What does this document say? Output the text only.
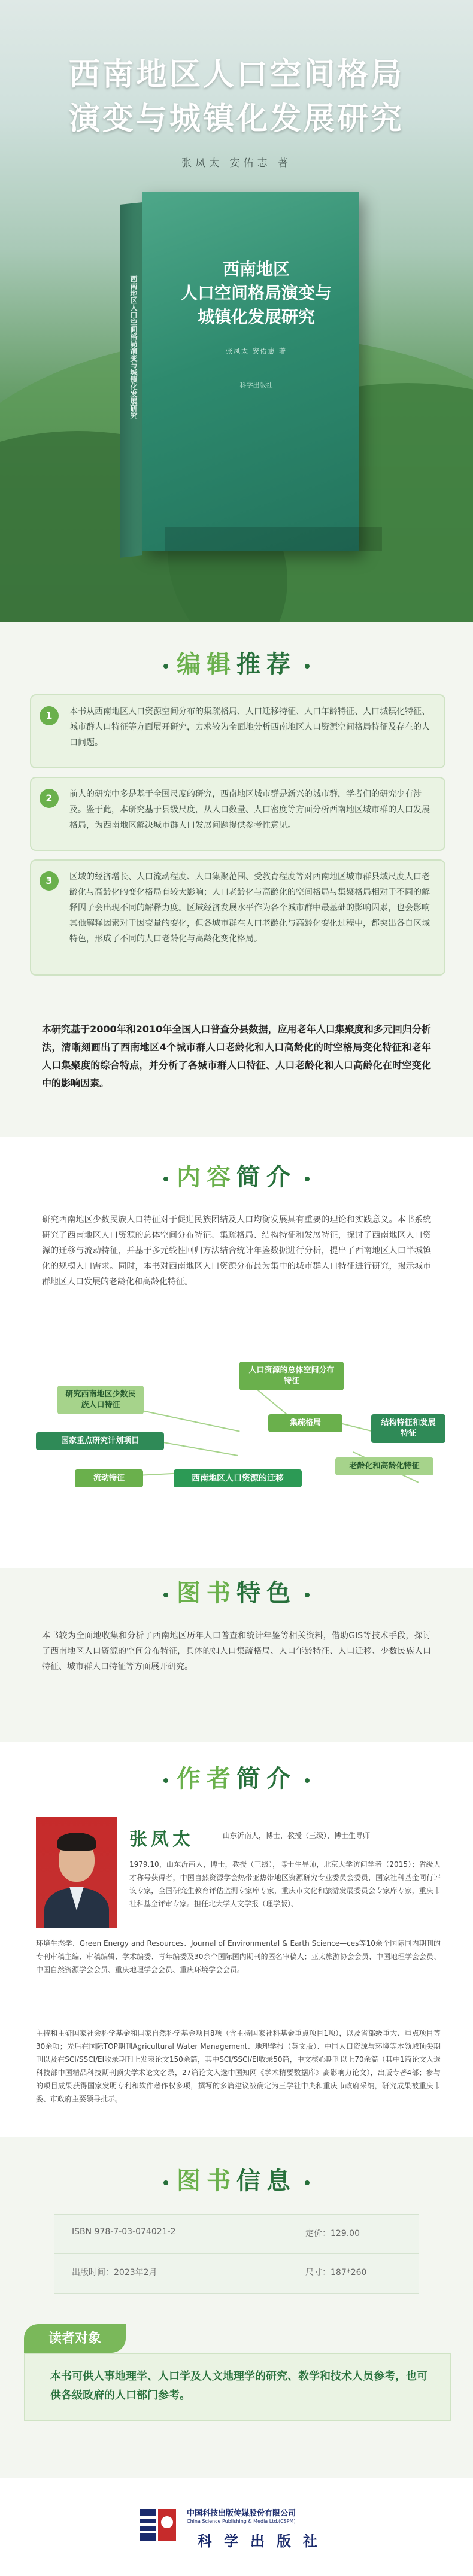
西南地区人口空间格局
演变与城镇化发展研究
张凤太 安佑志 著
西南地区人口空间格局演变与城镇化发展研究
西南地区
人口空间格局演变与
城镇化发展研究
张凤太 安佑志 著
科学出版社
编辑推荐
1	本书从西南地区人口资源空间分布的集疏格局、人口迁移特征、人口年龄特征、人口城镇化特征、城市群人口特征等方面展开研究，力求较为全面地分析西南地区人口资源空间格局特征及存在的人口问题。
2	前人的研究中多是基于全国尺度的研究，西南地区城市群是新兴的城市群，学者们的研究少有涉及。鉴于此，本研究基于县级尺度，从人口数量、人口密度等方面分析西南地区城市群的人口发展格局，为西南地区解决城市群人口发展问题提供参考性意见。
3	区域的经济增长、人口流动程度、人口集聚范围、受教育程度等对西南地区城市群县域尺度人口老龄化与高龄化的变化格局有较大影响；人口老龄化与高龄化的空间格局与集聚格局相对于不同的解释因子会出现不同的解释力度。区域经济发展水平作为各个城市群中最基础的影响因素，也会影响其他解释因素对于因变量的变化，但各城市群在人口老龄化与高龄化变化过程中，都突出各自区域特色，形成了不同的人口老龄化与高龄化变化格局。
本研究基于2000年和2010年全国人口普查分县数据，应用老年人口集聚度和多元回归分析法，清晰刻画出了西南地区4个城市群人口老龄化和人口高龄化的时空格局变化特征和老年人口集聚度的综合特点，并分析了各城市群人口特征、人口老龄化和人口高龄化在时空变化中的影响因素。
内容简介
研究西南地区少数民族人口特征对于促进民族团结及人口均衡发展具有重要的理论和实践意义。本书系统研究了西南地区人口资源的总体空间分布特征、集疏格局、结构特征和发展特征，探讨了西南地区人口资源的迁移与流动特征，并基于多元线性回归方法结合统计年鉴数据进行分析，提出了西南地区人口半城镇化的规模人口需求。同时，本书对西南地区人口资源分布最为集中的城市群人口特征进行研究，揭示城市群地区人口发展的老龄化和高龄化特征。
研究西南地区少数民族人口特征
人口资源的总体空间分布特征
国家重点研究计划项目
集疏格局	结构特征和发展特征
流动特征	西南地区人口资源的迁移
老龄化和高龄化特征
图书特色
本书较为全面地收集和分析了西南地区历年人口普查和统计年鉴等相关资料，借助GIS等技术手段，探讨了西南地区人口资源的空间分布特征，具体的如人口集疏格局、人口年龄特征、人口迁移、少数民族人口特征、城市群人口特征等方面展开研究。
作者简介
张凤太	山东沂南人，博士，教授（三级），博士生导师
1979.10，山东沂南人，博士，教授（三级），博士生导师，北京大学访问学者（2015）；省级人才称号获得者，中国自然资源学会热带亚热带地区资源研究专业委员会委员，国家社科基金同行评议专家，全国研究生教育评估监测专家库专家，重庆市文化和旅游发展委员会专家库专家，重庆市社科基金评审专家。担任北大学人文学报（理学版）、
环境生态学、Green Energy and Resources、Journal of Environmental & Earth Science—ces等10余个国际国内期刊的专刊审稿主编、审稿编辑、学术编委、青年编委及30余个国际国内期刊的匿名审稿人；亚太旅游协会会员、中国地理学会会员、中国自然资源学会会员、重庆地理学会会员、重庆环境学会会员。
主持和主研国家社会科学基金和国家自然科学基金项目8项（含主持国家社科基金重点项目1项），以及省部级重大、重点项目等30余项；先后在国际TOP期刊Agricultural Water Management、地理学报（英文版）、中国人口资源与环境等本领域顶尖期刊以及在SCI/SSCI/EI收录期刊上发表论文150余篇，其中SCI/SSCI/EI收录50篇，中文核心期刊以上70余篇（其中1篇论文入选科技部中国精品科技期刊顶尖学术论文名录，27篇论文入选中国知网《学术精要数据库》高影响力论文），出版专著4部；参与的项目成果获得国家发明专利和软件著作权多项，撰写的多篇建议被确定为三学社中央和重庆市政府采纳，研究成果被重庆市委、市政府主要领导批示。
图书信息
ISBN 978-7-03-074021-2	定价：129.00
出版时间：2023年2月	尺寸：187*260
本书可供人事地理学、人口学及人文地理学的研究、教学和技术人员参考，也可供各级政府的人口部门参考。
读者对象
中国科技出版传媒股份有限公司
China Science Publishing & Media Ltd.(CSPM)
科学出版社
